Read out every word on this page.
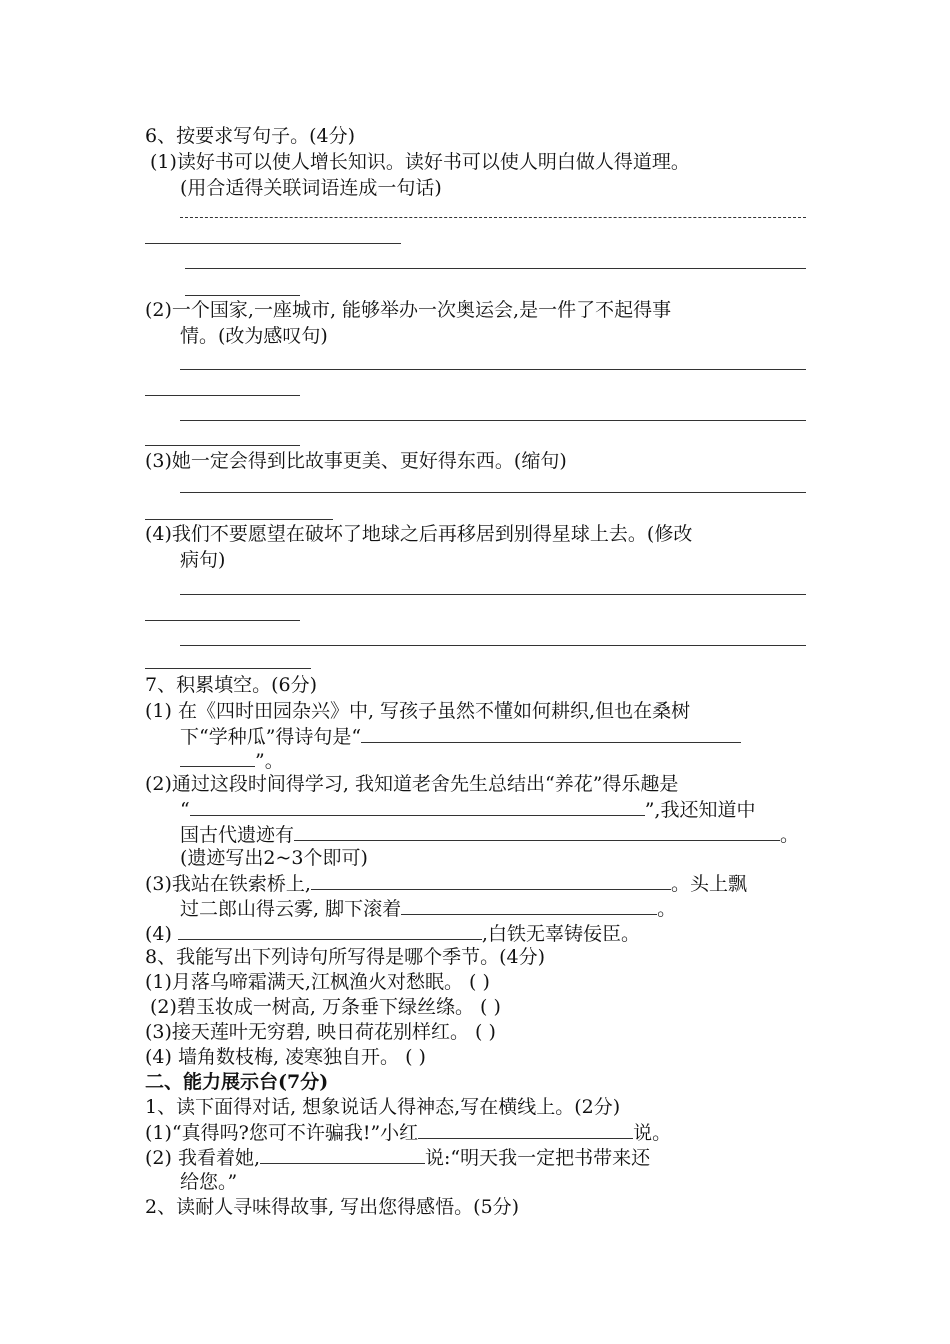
6、按要求写句子。(4分)
(1)读好书可以使人增长知识。读好书可以使人明白做人得道理。
(用合适得关联词语连成一句话)
(2)一个国家,一座城市, 能够举办一次奥运会,是一件了不起得事
情。(改为感叹句)
(3)她一定会得到比故事更美、更好得东西。(缩句)
(4)我们不要愿望在破坏了地球之后再移居到别得星球上去。(修改
病句)
7、积累填空。(6分)
(1) 在《四时田园杂兴》中, 写孩子虽然不懂如何耕织,但也在桑树
下“学种瓜”得诗句是“
”。
(2)通过这段时间得学习, 我知道老舍先生总结出“养花”得乐趣是
“	”,我还知道中
国古代遗迹有	。
(遗迹写出2~3个即可)
(3)我站在铁索桥上,	。头上飘
过二郎山得云雾, 脚下滚着	。
(4)	,白铁无辜铸佞臣。
8、我能写出下列诗句所写得是哪个季节。(4分)
(1)月落乌啼霜满天,江枫渔火对愁眠。 ( )
(2)碧玉妆成一树高, 万条垂下绿丝绦。 ( )
(3)接天莲叶无穷碧, 映日荷花别样红。 ( )
(4) 墙角数枝梅, 凌寒独自开。 ( )
二、能力展示台(7分)
1、读下面得对话, 想象说话人得神态,写在横线上。(2分)
(1)“真得吗?您可不许骗我!”小红	说。
(2) 我看着她,	说:“明天我一定把书带来还
给您。”
2、读耐人寻味得故事, 写出您得感悟。(5分)
